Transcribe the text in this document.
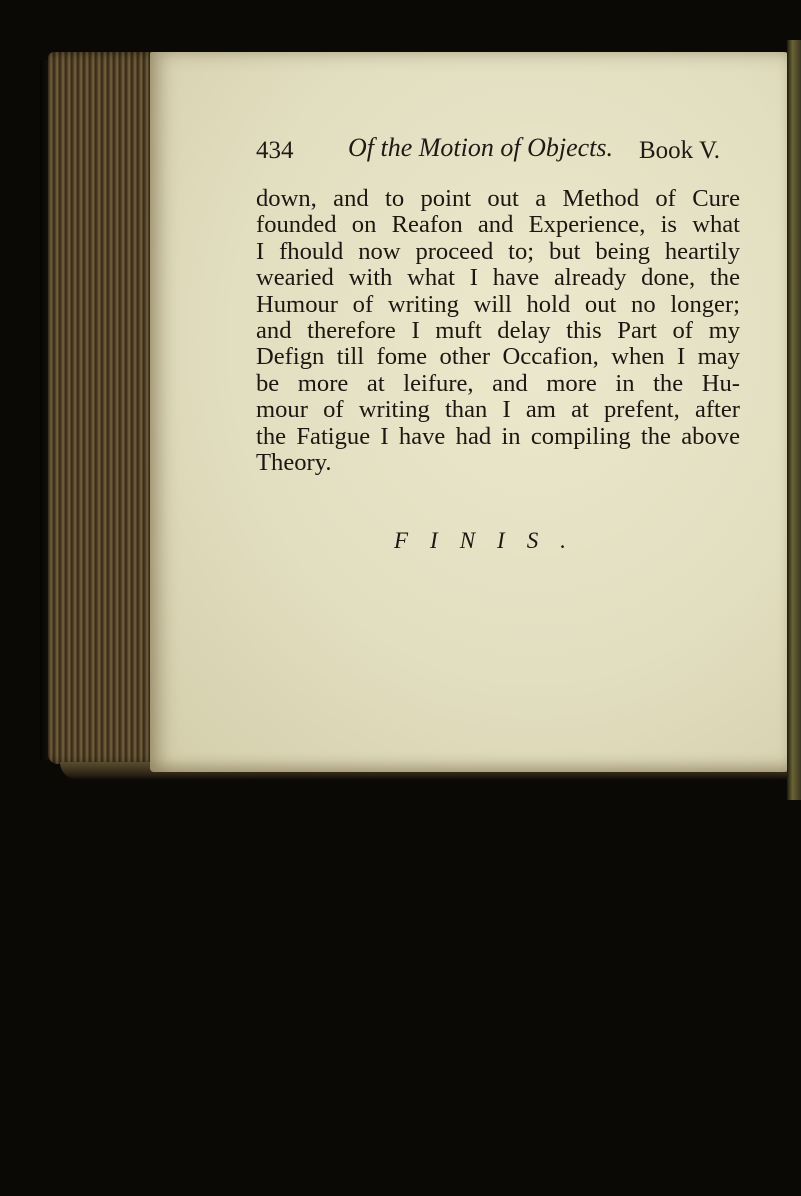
434 Of the Motion of Objects. Book V.
down, and to point out a Method of Cure
founded on Reafon and Experience, is what
I fhould now proceed to; but being heartily
wearied with what I have already done, the
Humour of writing will hold out no longer;
and therefore I muft delay this Part of my
Defign till fome other Occafion, when I may
be more at leifure, and more in the Hu-
mour of writing than I am at prefent, after
the Fatigue I have had in compiling the above
Theory.
FINIS.
